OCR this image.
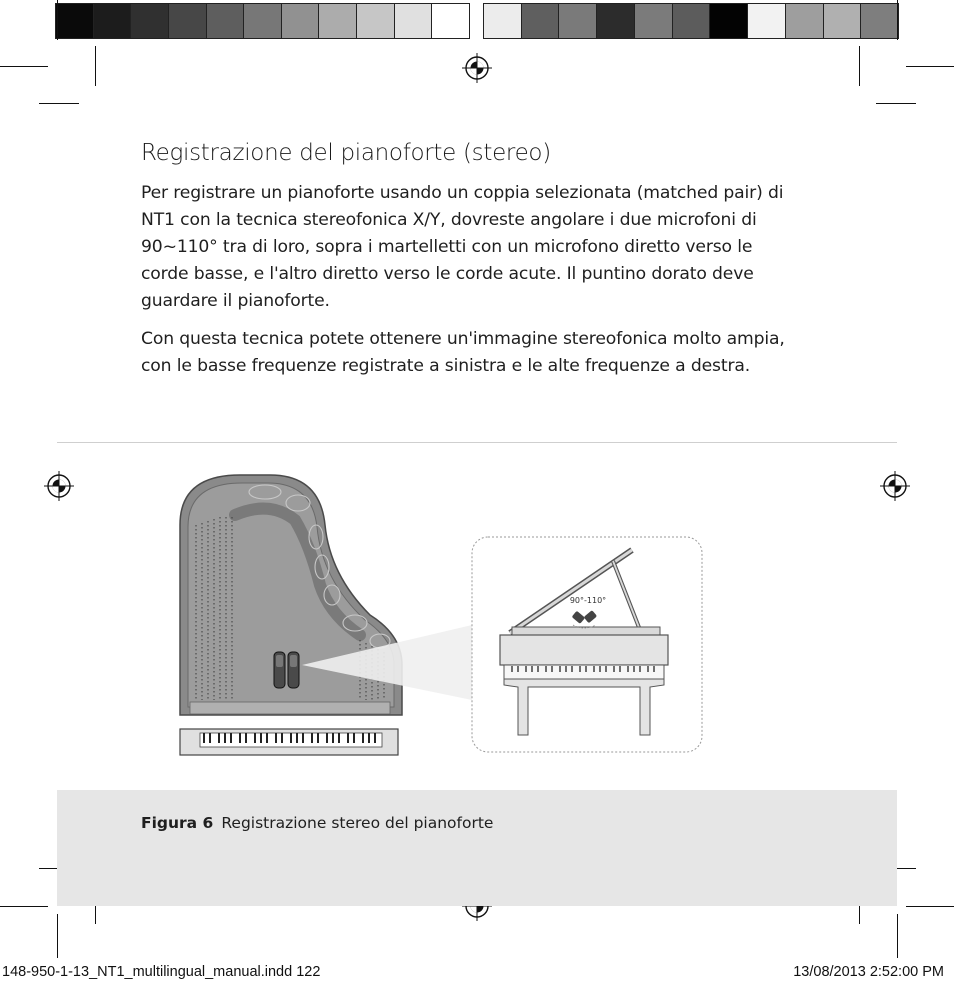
Registrazione del pianoforte (stereo)
Per registrare un pianoforte usando un coppia selezionata (matched pair) di NT1 con la tecnica stereofonica X/Y, dovreste angolare i due microfoni di 90~110° tra di loro, sopra i martelletti con un microfono diretto verso le corde basse, e l'altro diretto verso le corde acute. Il puntino dorato deve guardare il pianoforte.
Con questa tecnica potete ottenere un'immagine stereofonica molto ampia, con le basse frequenze registrate a sinistra e le alte frequenze a destra.
90°-110°
Figura 6 Registrazione stereo del pianoforte
148-950-1-13_NT1_multilingual_manual.indd 122	13/08/2013 2:52:00 PM
